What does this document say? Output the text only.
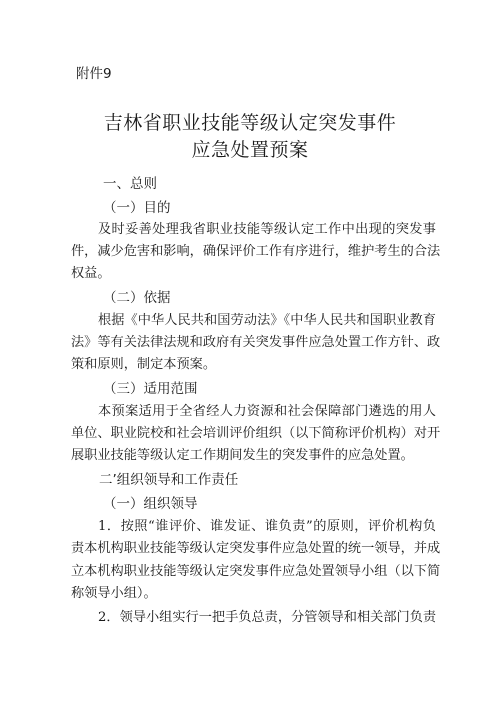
附件9
吉林省职业技能等级认定突发事件
应急处置预案
一、总则
（一）目的
及时妥善处理我省职业技能等级认定工作中出现的突发事
件，减少危害和影响，确保评价工作有序进行，维护考生的合法
权益。
（二）依据
根据《中华人民共和国劳动法》《中华人民共和国职业教育
法》等有关法律法规和政府有关突发事件应急处置工作方针、政
策和原则，制定本预案。
（三）适用范围
本预案适用于全省经人力资源和社会保障部门遴选的用人
单位、职业院校和社会培训评价组织（以下简称评价机构）对开
展职业技能等级认定工作期间发生的突发事件的应急处置。
二’组织领导和工作责任
（一）组织领导
1．按照“谁评价、谁发证、谁负责”的原则，评价机构负
责本机构职业技能等级认定突发事件应急处置的统一领导，并成
立本机构职业技能等级认定突发事件应急处置领导小组（以下简
称领导小组）。
2．领导小组实行一把手负总责，分管领导和相关部门负责
